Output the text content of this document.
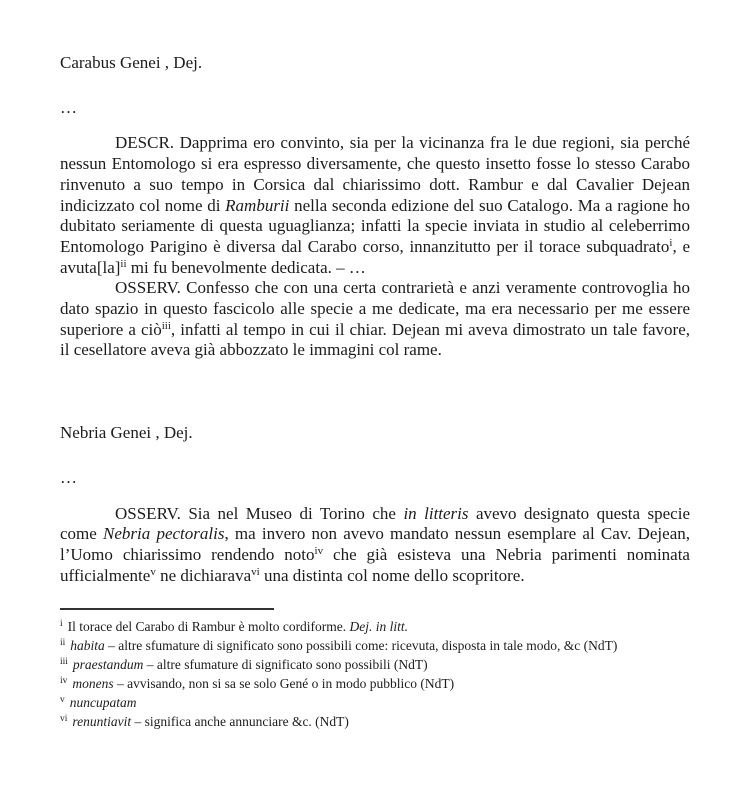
Carabus Genei , Dej.

…

DESCR. Dapprima ero convinto, sia per la vicinanza fra le due regioni, sia perché nessun Entomologo si era espresso diversamente, che questo insetto fosse lo stesso Carabo rinvenuto a suo tempo in Corsica dal chiarissimo dott. Rambur e dal Cavalier Dejean indicizzato col nome di Ramburii nella seconda edizione del suo Catalogo. Ma a ragione ho dubitato seriamente di questa uguaglianza; infatti la specie inviata in studio al celeberrimo Entomologo Parigino è diversa dal Carabo corso, innanzitutto per il torace subquadrato$^i$, e avuta[la]$^{ii}$ mi fu benevolmente dedicata. – …

OSSERV. Confesso che con una certa contrarietà e anzi veramente controvoglia ho dato spazio in questo fascicolo alle specie a me dedicate, ma era necessario per me essere superiore a ciò$^{iii}$, infatti al tempo in cui il chiar. Dejean mi aveva dimostrato un tale favore, il cesellatore aveva già abbozzato le immagini col rame.

Nebria Genei , Dej.

…

OSSERV. Sia nel Museo di Torino che in litteris avevo designato questa specie come Nebria pectoralis, ma invero non avevo mandato nessun esemplare al Cav. Dejean, l’Uomo chiarissimo rendendo noto$^{iv}$ che già esisteva una Nebria parimenti nominata ufficialmente$^v$ ne dichiarava$^{vi}$ una distinta col nome dello scopritore.

$^i$ Il torace del Carabo di Rambur è molto cordiforme. Dej. in litt.

$^{ii}$ habita – altre sfumature di significato sono possibili come: ricevuta, disposta in tale modo, &c (NdT)

$^{iii}$ praestandum – altre sfumature di significato sono possibili (NdT)

$^{iv}$ monens – avvisando, non si sa se solo Gené o in modo pubblico (NdT)

$^v$ nuncupatam

$^{vi}$ renuntiavit – significa anche annunciare &c. (NdT)
